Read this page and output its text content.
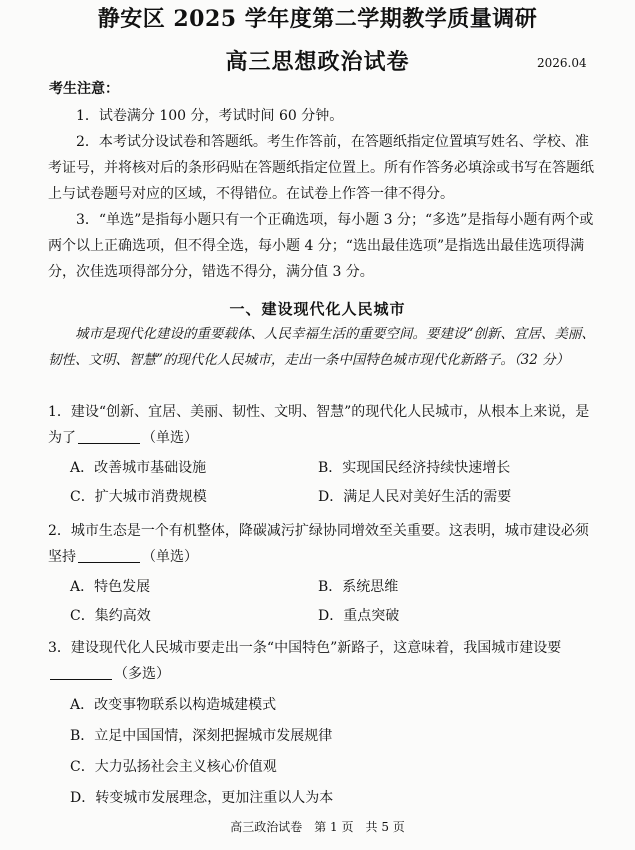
静安区 2025 学年度第二学期教学质量调研
高三思想政治试卷	2026.04
考生注意：
1．试卷满分 100 分，考试时间 60 分钟。
2．本考试分设试卷和答题纸。考生作答前，在答题纸指定位置填写姓名、学校、准考证号，并将核对后的条形码贴在答题纸指定位置上。所有作答务必填涂或书写在答题纸上与试卷题号对应的区域，不得错位。在试卷上作答一律不得分。
3．“单选”是指每小题只有一个正确选项，每小题 3 分；“多选”是指每小题有两个或两个以上正确选项，但不得全选，每小题 4 分；“选出最佳选项”是指选出最佳选项得满分，次佳选项得部分分，错选不得分，满分值 3 分。
一、建设现代化人民城市
城市是现代化建设的重要载体、人民幸福生活的重要空间。要建设“创新、宜居、美丽、韧性、文明、智慧”的现代化人民城市，走出一条中国特色城市现代化新路子。（32 分）
1．建设“创新、宜居、美丽、韧性、文明、智慧”的现代化人民城市，从根本上来说，是为了	（单选）
A．改善城市基础设施	B．实现国民经济持续快速增长
C．扩大城市消费规模	D．满足人民对美好生活的需要
2．城市生态是一个有机整体，降碳减污扩绿协同增效至关重要。这表明，城市建设必须坚持	（单选）
A．特色发展	B．系统思维
C．集约高效	D．重点突破
3．建设现代化人民城市要走出一条“中国特色”新路子，这意味着，我国城市建设要（多选）
A．改变事物联系以构造城建模式
B．立足中国国情，深刻把握城市发展规律
C．大力弘扬社会主义核心价值观
D．转变城市发展理念，更加注重以人为本
高三政治试卷　第 1 页　共 5 页
